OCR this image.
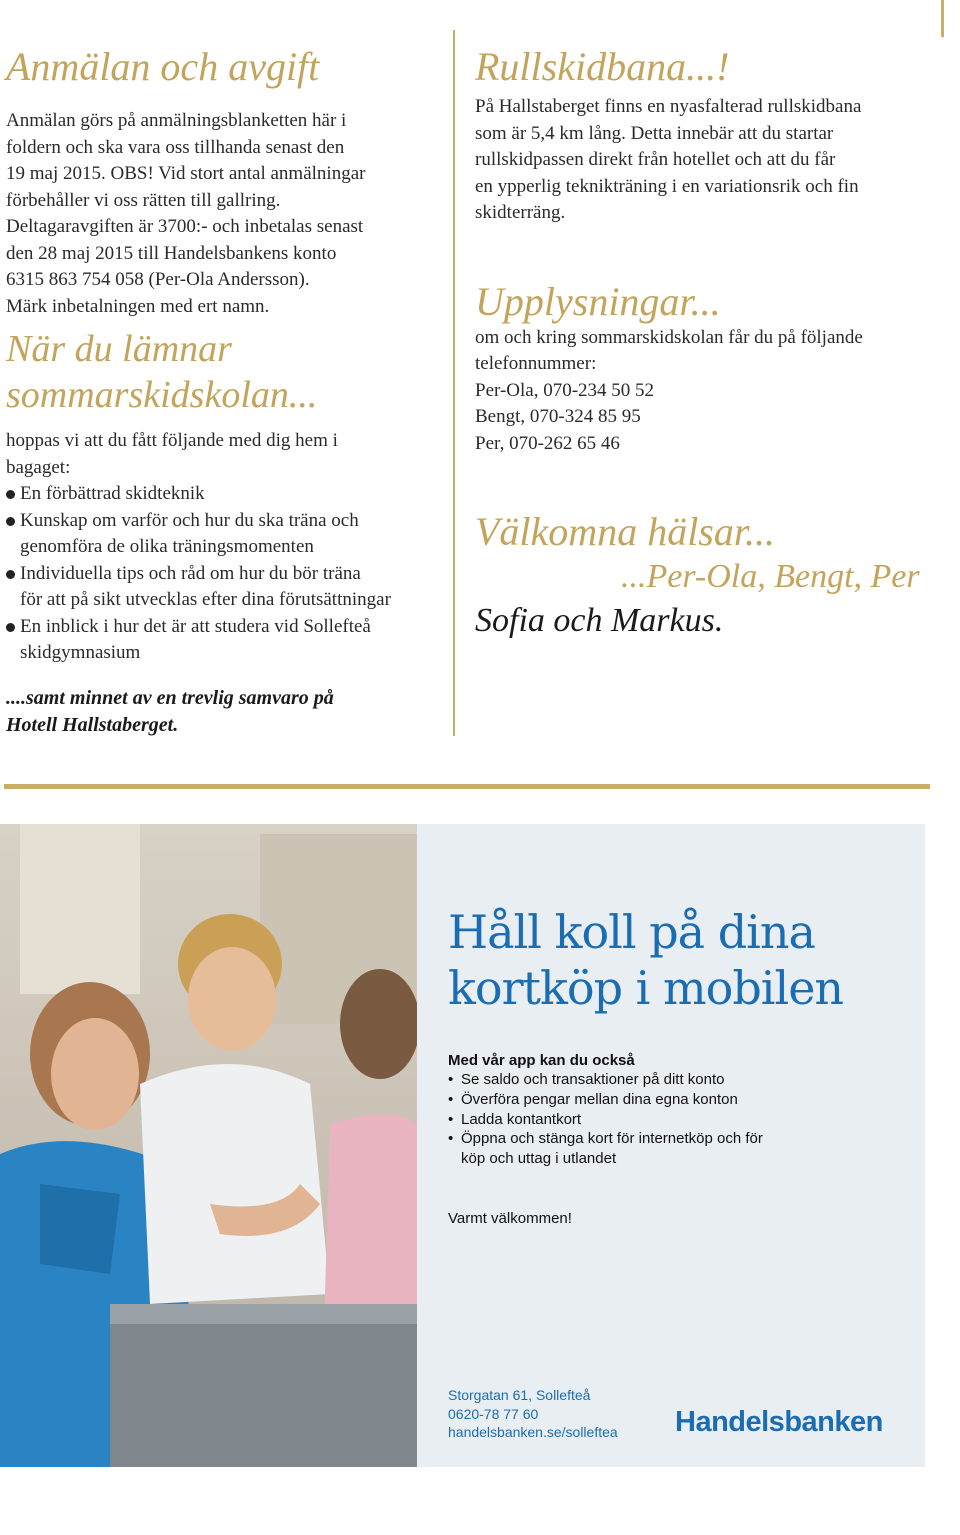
Anmälan och avgift

Anmälan görs på anmälningsblanketten här i

foldern och ska vara oss tillhanda senast den

19 maj 2015. OBS! Vid stort antal anmälningar

förbehåller vi oss rätten till gallring.

Deltagaravgiften är 3700:- och inbetalas senast

den 28 maj 2015 till Handelsbankens konto

6315 863 754 058 (Per-Ola Andersson).

Märk inbetalningen med ert namn.

När du lämnar
sommarskidskolan...

hoppas vi att du fått följande med dig hem i

bagaget:

En förbättrad skidteknik
Kunskap om varför och hur du ska träna och
genomföra de olika träningsmomenten
Individuella tips och råd om hur du bör träna
för att på sikt utvecklas efter dina förutsättningar
En inblick i hur det är att studera vid Sollefteå
skidgymnasium

....samt minnet av en trevlig samvaro på

Hotell Hallstaberget.

Rullskidbana...!

På Hallstaberget finns en nyasfalterad rullskidbana

som är 5,4 km lång. Detta innebär att du startar

rullskidpassen direkt från hotellet och att du får

en ypperlig teknikträning i en variationsrik och fin

skidterräng.

Upplysningar...

om och kring sommarskidskolan får du på följande

telefonnummer:

Per-Ola, 070-234 50 52

Bengt, 070-324 85 95

Per, 070-262 65 46

Välkomna hälsar...

...Per-Ola, Bengt, Per

Sofia och Markus.

Håll koll på dina
kortköp i mobilen
Med vår app kan du också
• Se saldo och transaktioner på ditt konto
• Överföra pengar mellan dina egna konton
• Ladda kontantkort
• Öppna och stänga kort för internetköp och för
köp och uttag i utlandet
Varmt välkommen!
Storgatan 61, Sollefteå
0620-78 77 60
handelsbanken.se/solleftea Handelsbanken
